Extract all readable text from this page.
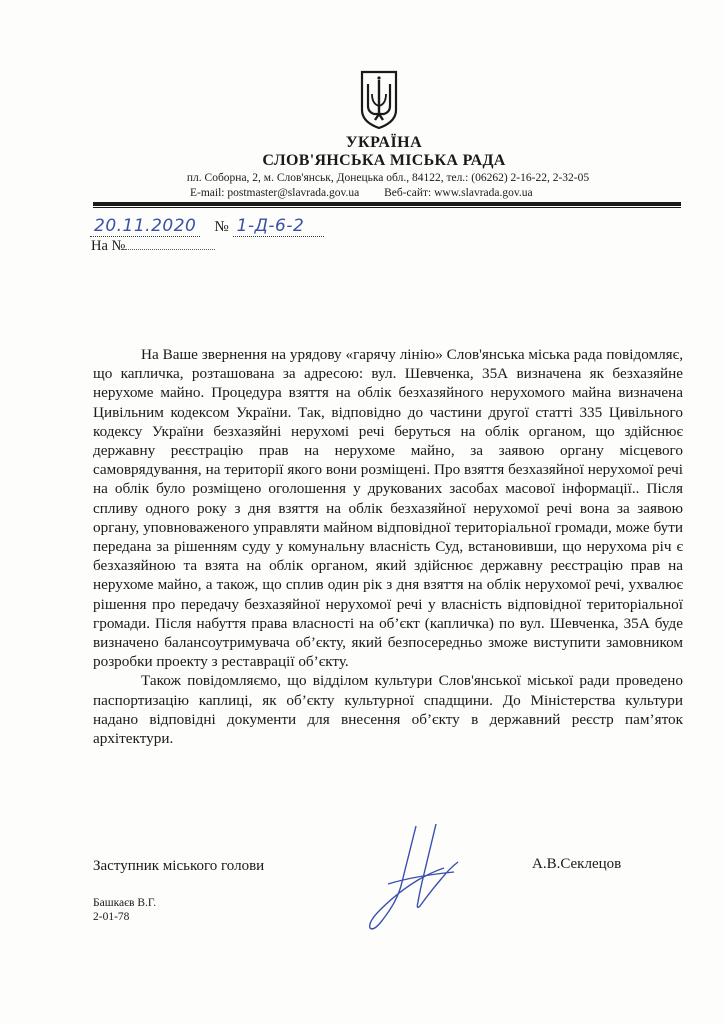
УКРАЇНА
СЛОВ'ЯНСЬКА МІСЬКА РАДА
пл. Соборна, 2, м. Слов'янськ, Донецька обл., 84122, тел.: (06262) 2-16-22, 2-32-05
E-mail: postmaster@slavrada.gov.ua Веб-сайт: www.slavrada.gov.ua
20.11.2020 № 1-Д-6-2
На №

На Ваше звернення на урядову «гарячу лінію» Слов'янська міська рада повідомляє, що капличка, розташована за адресою: вул. Шевченка, 35А визначена як безхазяйне нерухоме майно. Процедура взяття на облік безхазяйного нерухомого майна визначена Цивільним кодексом України. Так, відповідно до частини другої статті 335 Цивільного кодексу України безхазяйні нерухомі речі беруться на облік органом, що здійснює державну реєстрацію прав на нерухоме майно, за заявою органу місцевого самоврядування, на території якого вони розміщені. Про взяття безхазяйної нерухомої речі на облік було розміщено оголошення у друкованих засобах масової інформації.. Після спливу одного року з дня взяття на облік безхазяйної нерухомої речі вона за заявою органу, уповноваженого управляти майном відповідної територіальної громади, може бути передана за рішенням суду у комунальну власність Суд, встановивши, що нерухома річ є безхазяйною та взята на облік органом, який здійснює державну реєстрацію прав на нерухоме майно, а також, що сплив один рік з дня взяття на облік нерухомої речі, ухвалює рішення про передачу безхазяйної нерухомої речі у власність відповідної територіальної громади. Після набуття права власності на об’єкт (капличка) по вул. Шевченка, 35А буде визначено балансоутримувача об’єкту, який безпосередньо зможе виступити замовником розробки проекту з реставрації об’єкту.

Також повідомляємо, що відділом культури Слов'янської міської ради проведено паспортизацію каплиці, як об’єкту культурної спадщини. До Міністерства культури надано відповідні документи для внесення об’єкту в державний реєстр пам’яток архітектури.

Заступник міського голови	А.В.Секлецов
Башкаєв В.Г.
2-01-78
